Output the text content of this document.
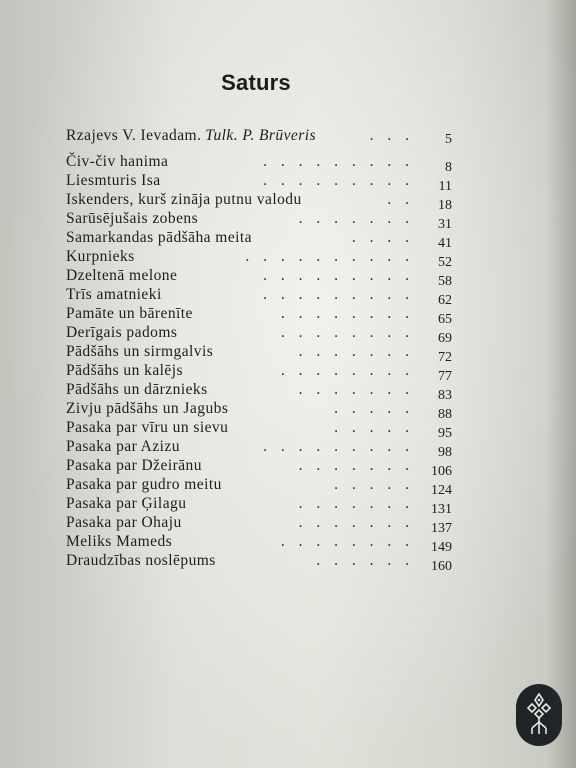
Saturs
Rzajevs V. Ievadam. Tulk. P. Brūveris	. . .	5
Čiv-čiv hanima	. . . . . . . . .	8
Liesmturis Isa	. . . . . . . . .	11
Iskenders, kurš zināja putnu valodu	. .	18
Sarūsējušais zobens	. . . . . . .	31
Samarkandas pādšāha meita	. . . .	41
Kurpnieks	. . . . . . . . . .	52
Dzeltenā melone	. . . . . . . . .	58
Trīs amatnieki	. . . . . . . . .	62
Pamāte un bārenīte	. . . . . . . .	65
Derīgais padoms	. . . . . . . .	69
Pādšāhs un sirmgalvis	. . . . . . .	72
Pādšāhs un kalējs	. . . . . . . .	77
Pādšāhs un dārznieks	. . . . . . .	83
Zivju pādšāhs un Jagubs	. . . . .	88
Pasaka par vīru un sievu	. . . . .	95
Pasaka par Azizu	. . . . . . . . .	98
Pasaka par Džeirānu	. . . . . . .	106
Pasaka par gudro meitu	. . . . .	124
Pasaka par Ģilagu	. . . . . . .	131
Pasaka par Ohaju	. . . . . . .	137
Meliks Mameds	. . . . . . . .	149
Draudzības noslēpums	. . . . . .	160
